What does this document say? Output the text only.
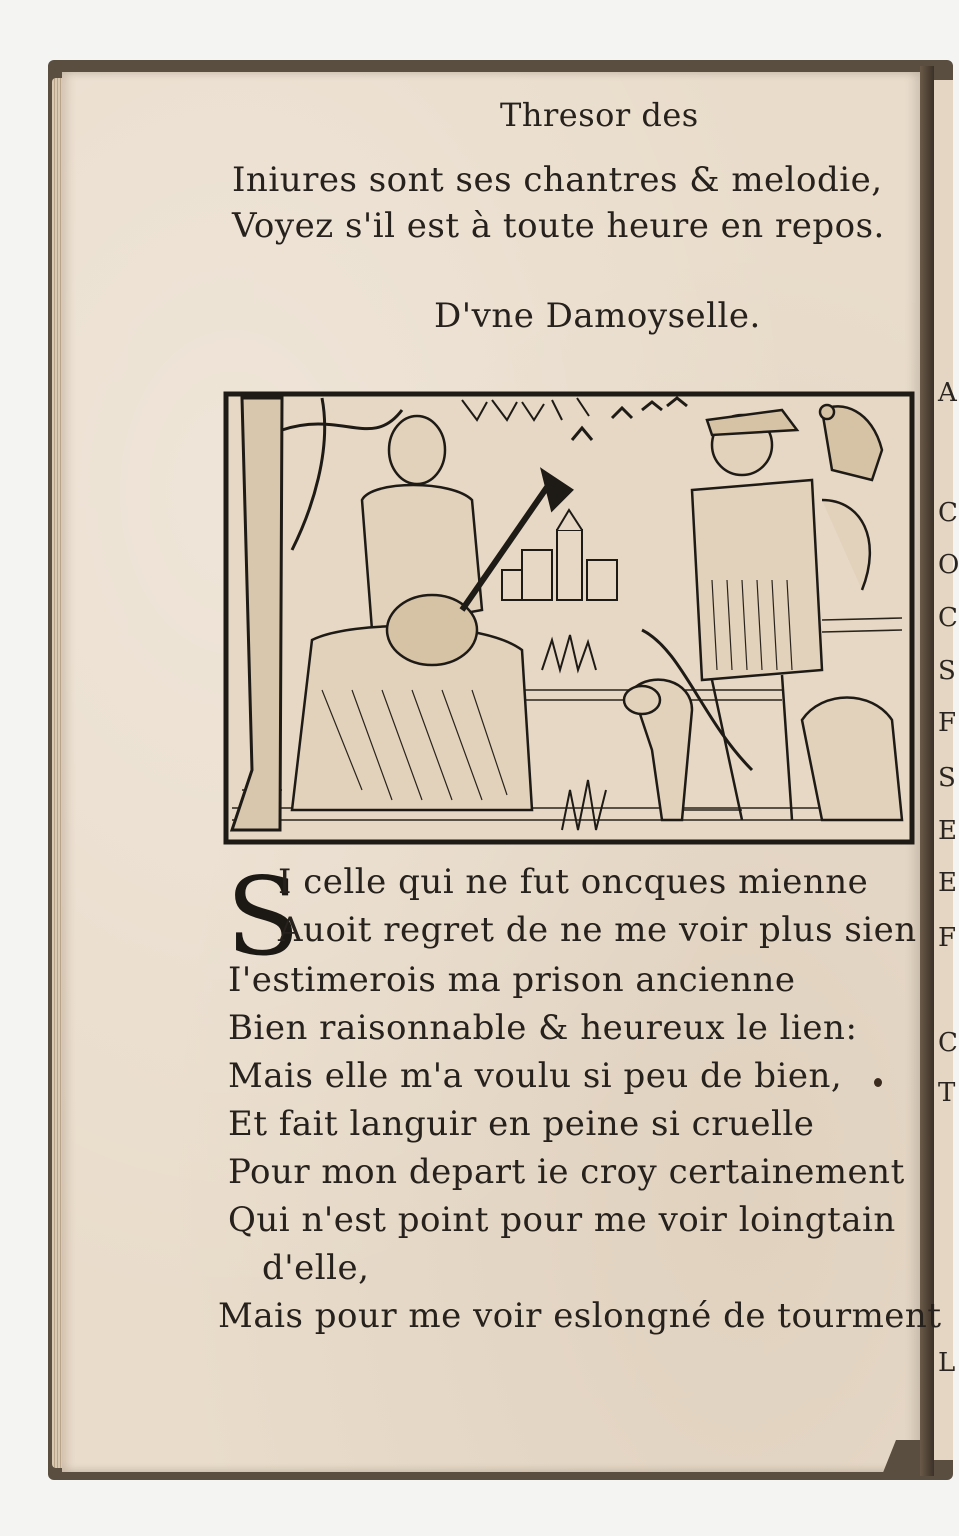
A
C
O
C
S
F
S
E
E
F
C
T
L
Thresor des
Iniures sont ses chantres & melodie,
Voyez s'il est à toute heure en repos.
D'vne Damoyselle.
S
I celle qui ne fut oncques mienne
Auoit regret de ne me voir plus sien
I'estimerois ma prison ancienne
Bien raisonnable & heureux le lien:
Mais elle m'a voulu si peu de bien,
Et fait languir en peine si cruelle
Pour mon depart ie croy certainement
Qui n'est point pour me voir loingtain
d'elle,
Mais pour me voir eslongné de tourment
